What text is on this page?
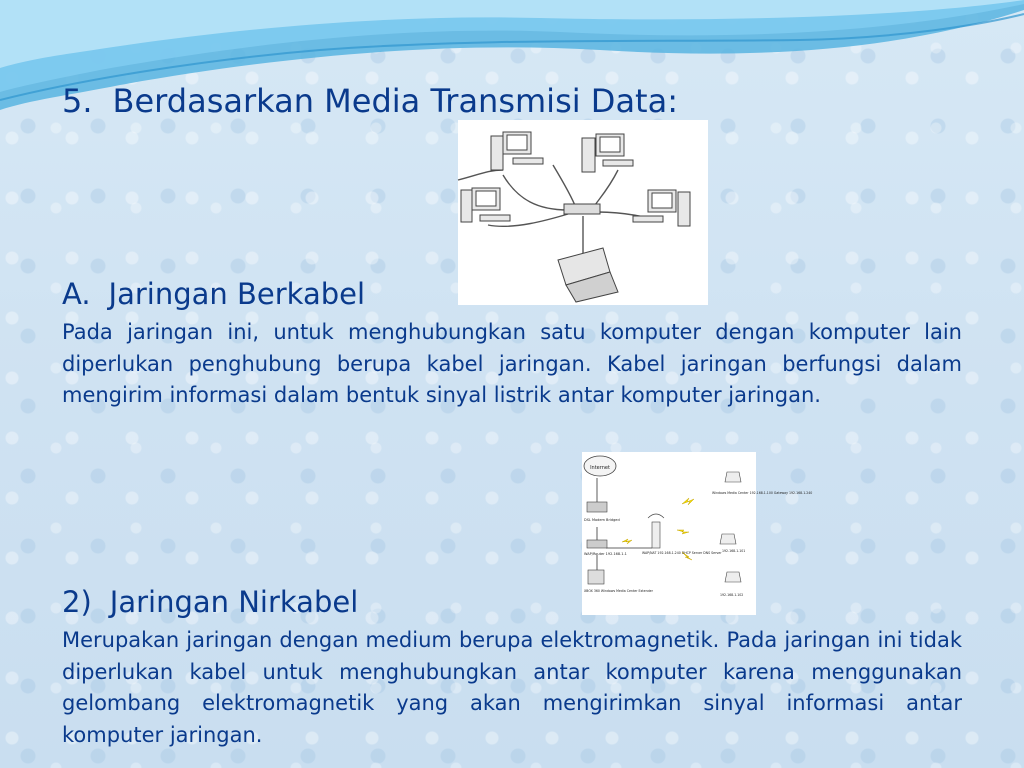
5. Berdasarkan Media Transmisi Data:
A. Jaringan Berkabel

Pada jaringan ini, untuk menghubungkan satu komputer dengan komputer lain diperlukan penghubung berupa kabel jaringan. Kabel jaringan berfungsi dalam mengirim informasi dalam bentuk sinyal listrik antar komputer jaringan.

Internet
DSL Modem Bridged
WAP/Router 192.168.1.1
XBOX 360 Windows Media Center Extender
WAP/NAT 192.168.1.240 DHCP Server DNS Server
Windows Media Center 192.168.1.100 Gateway 192.168.1.240
192.168.1.101
192.168.1.102
2) Jaringan Nirkabel

Merupakan jaringan dengan medium berupa elektromagnetik. Pada jaringan ini tidak diperlukan kabel untuk menghubungkan antar komputer karena menggunakan gelombang elektromagnetik yang akan mengirimkan sinyal informasi antar komputer jaringan.
